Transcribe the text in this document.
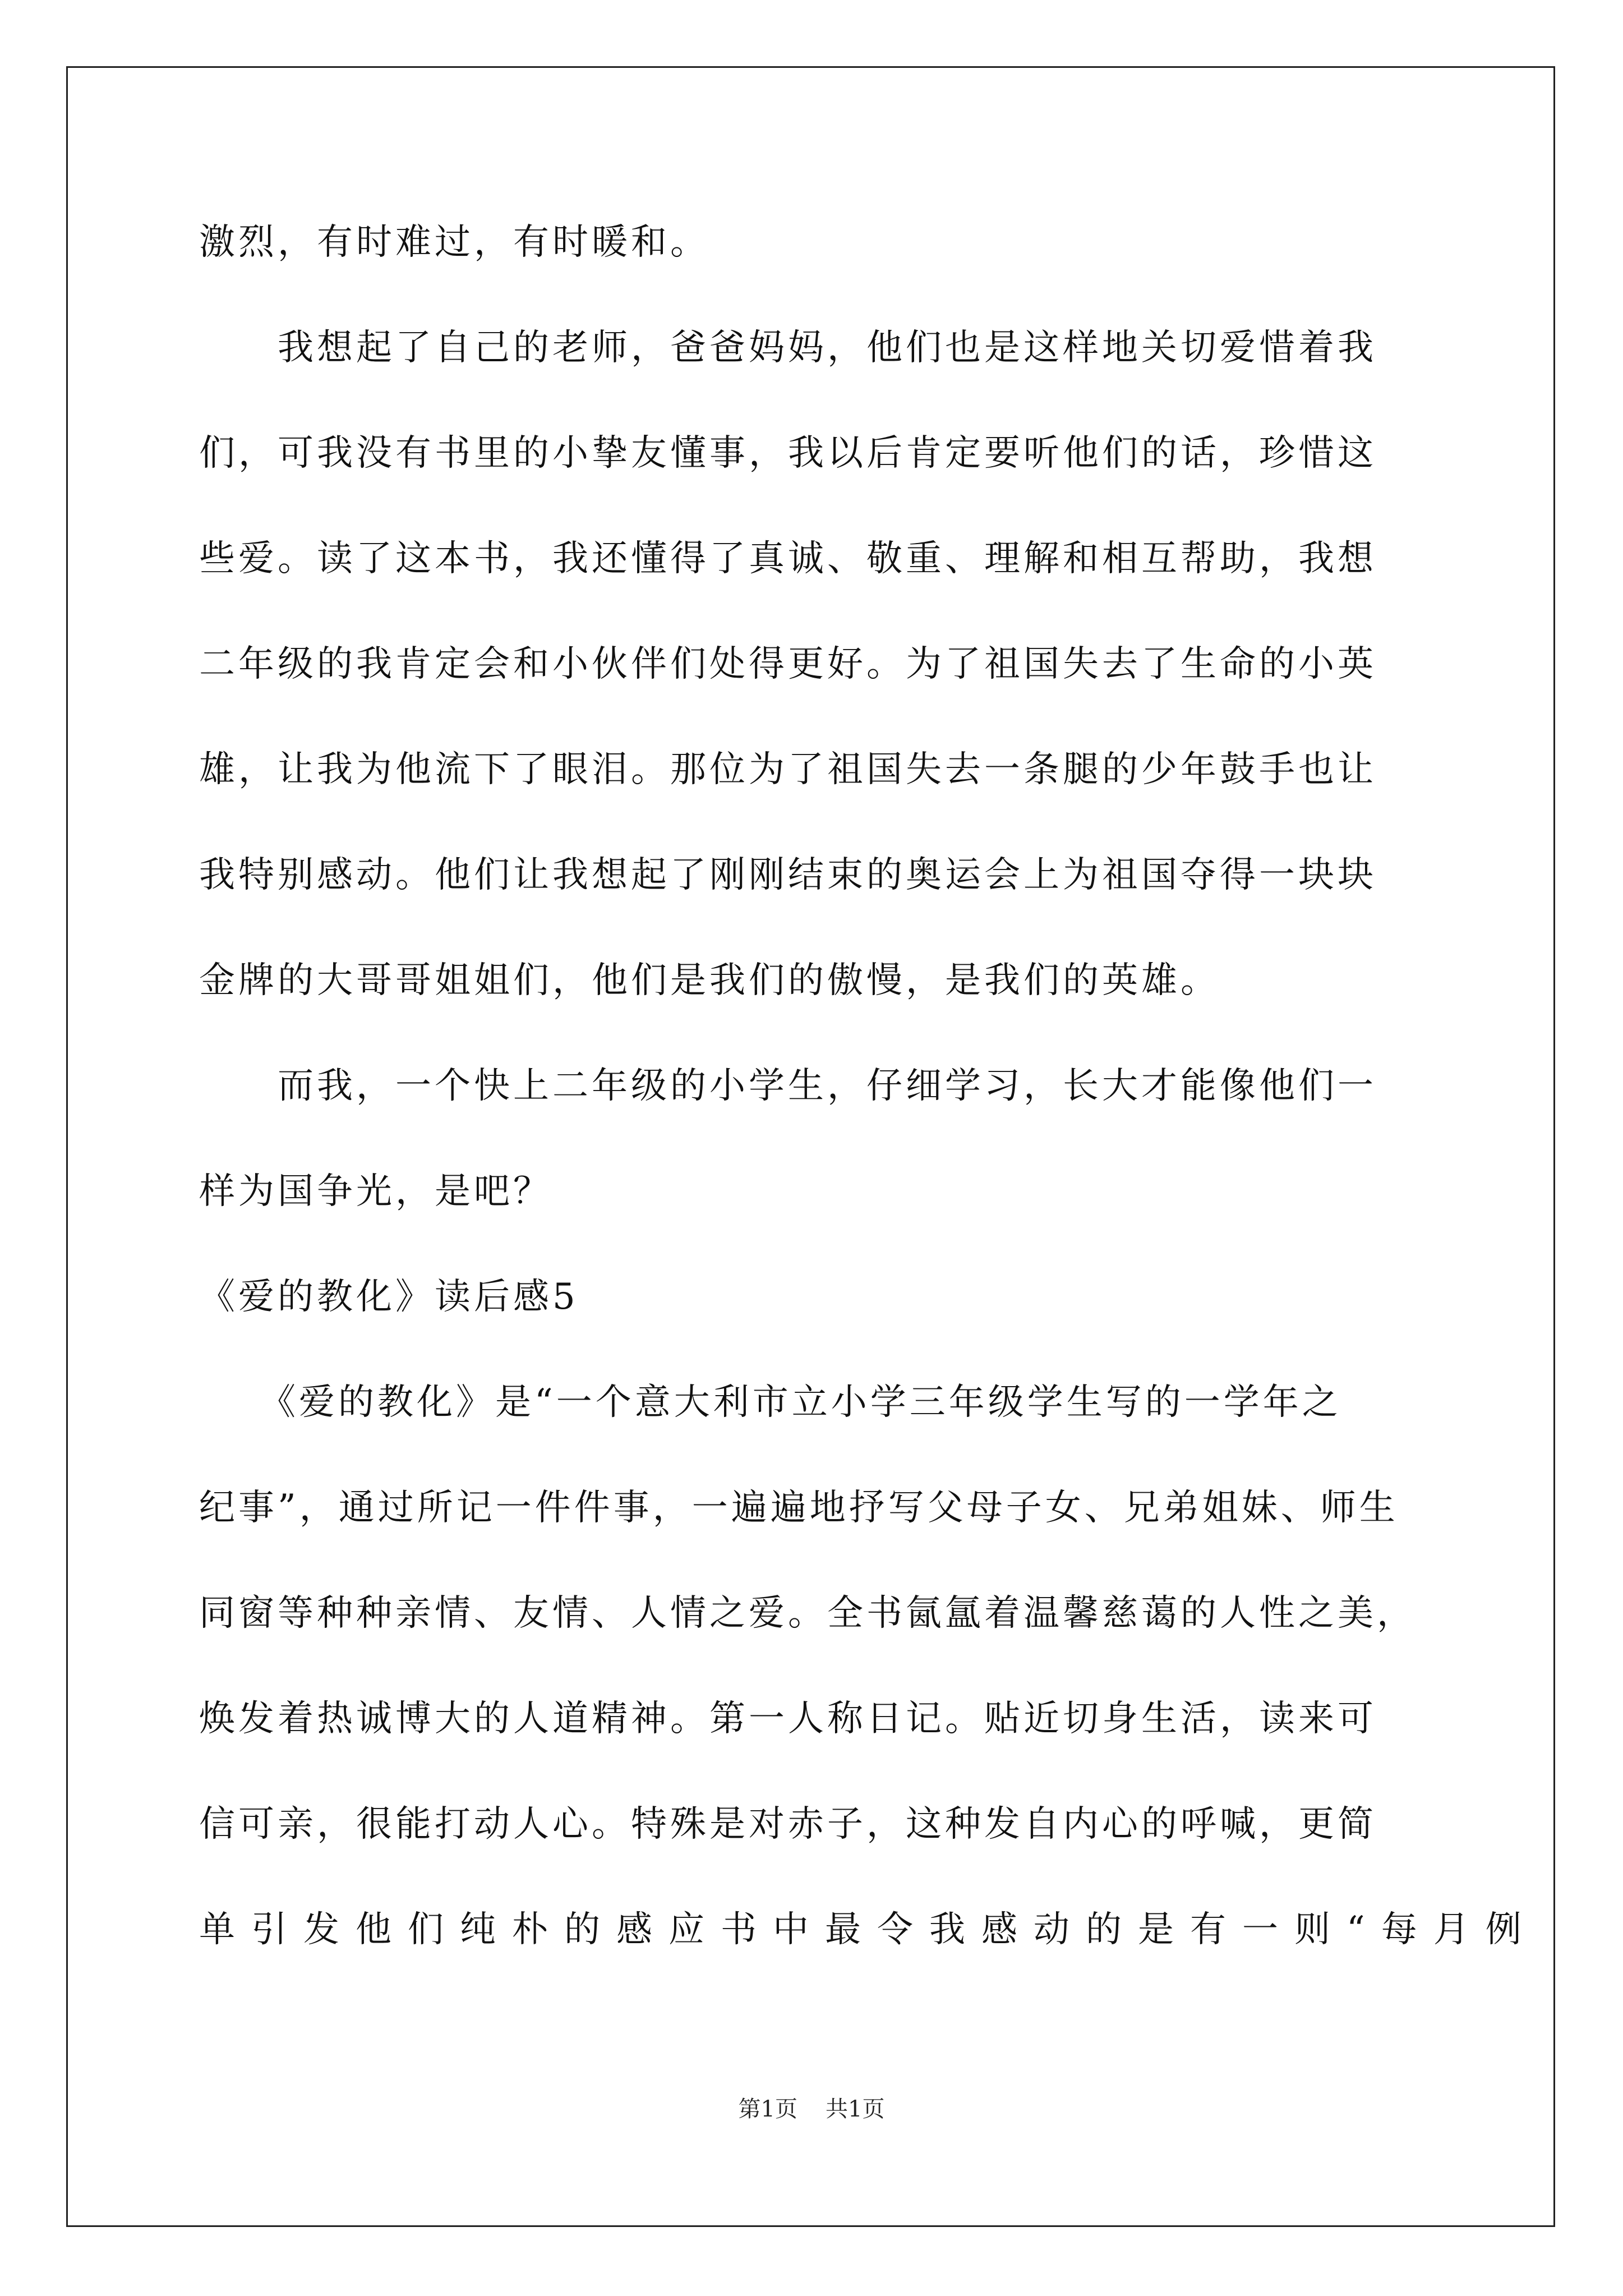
激烈，有时难过，有时暖和。
　　我想起了自己的老师，爸爸妈妈，他们也是这样地关切爱惜着我
们，可我没有书里的小挚友懂事，我以后肯定要听他们的话，珍惜这
些爱。读了这本书，我还懂得了真诚、敬重、理解和相互帮助，我想
二年级的我肯定会和小伙伴们处得更好。为了祖国失去了生命的小英
雄，让我为他流下了眼泪。那位为了祖国失去一条腿的少年鼓手也让
我特别感动。他们让我想起了刚刚结束的奥运会上为祖国夺得一块块
金牌的大哥哥姐姐们，他们是我们的傲慢，是我们的英雄。
　　而我，一个快上二年级的小学生，仔细学习，长大才能像他们一
样为国争光，是吧？
《爱的教化》读后感5
　　《爱的教化》是“一个意大利市立小学三年级学生写的一学年之
纪事”，通过所记一件件事，一遍遍地抒写父母子女、兄弟姐妹、师生
同窗等种种亲情、友情、人情之爱。全书氤氲着温馨慈蔼的人性之美，
焕发着热诚博大的人道精神。第一人称日记。贴近切身生活，读来可
信可亲，很能打动人心。特殊是对赤子，这种发自内心的呼喊，更简
单引发他们纯朴的感应书中最令我感动的是有一则“每月例
第1页 共1页
